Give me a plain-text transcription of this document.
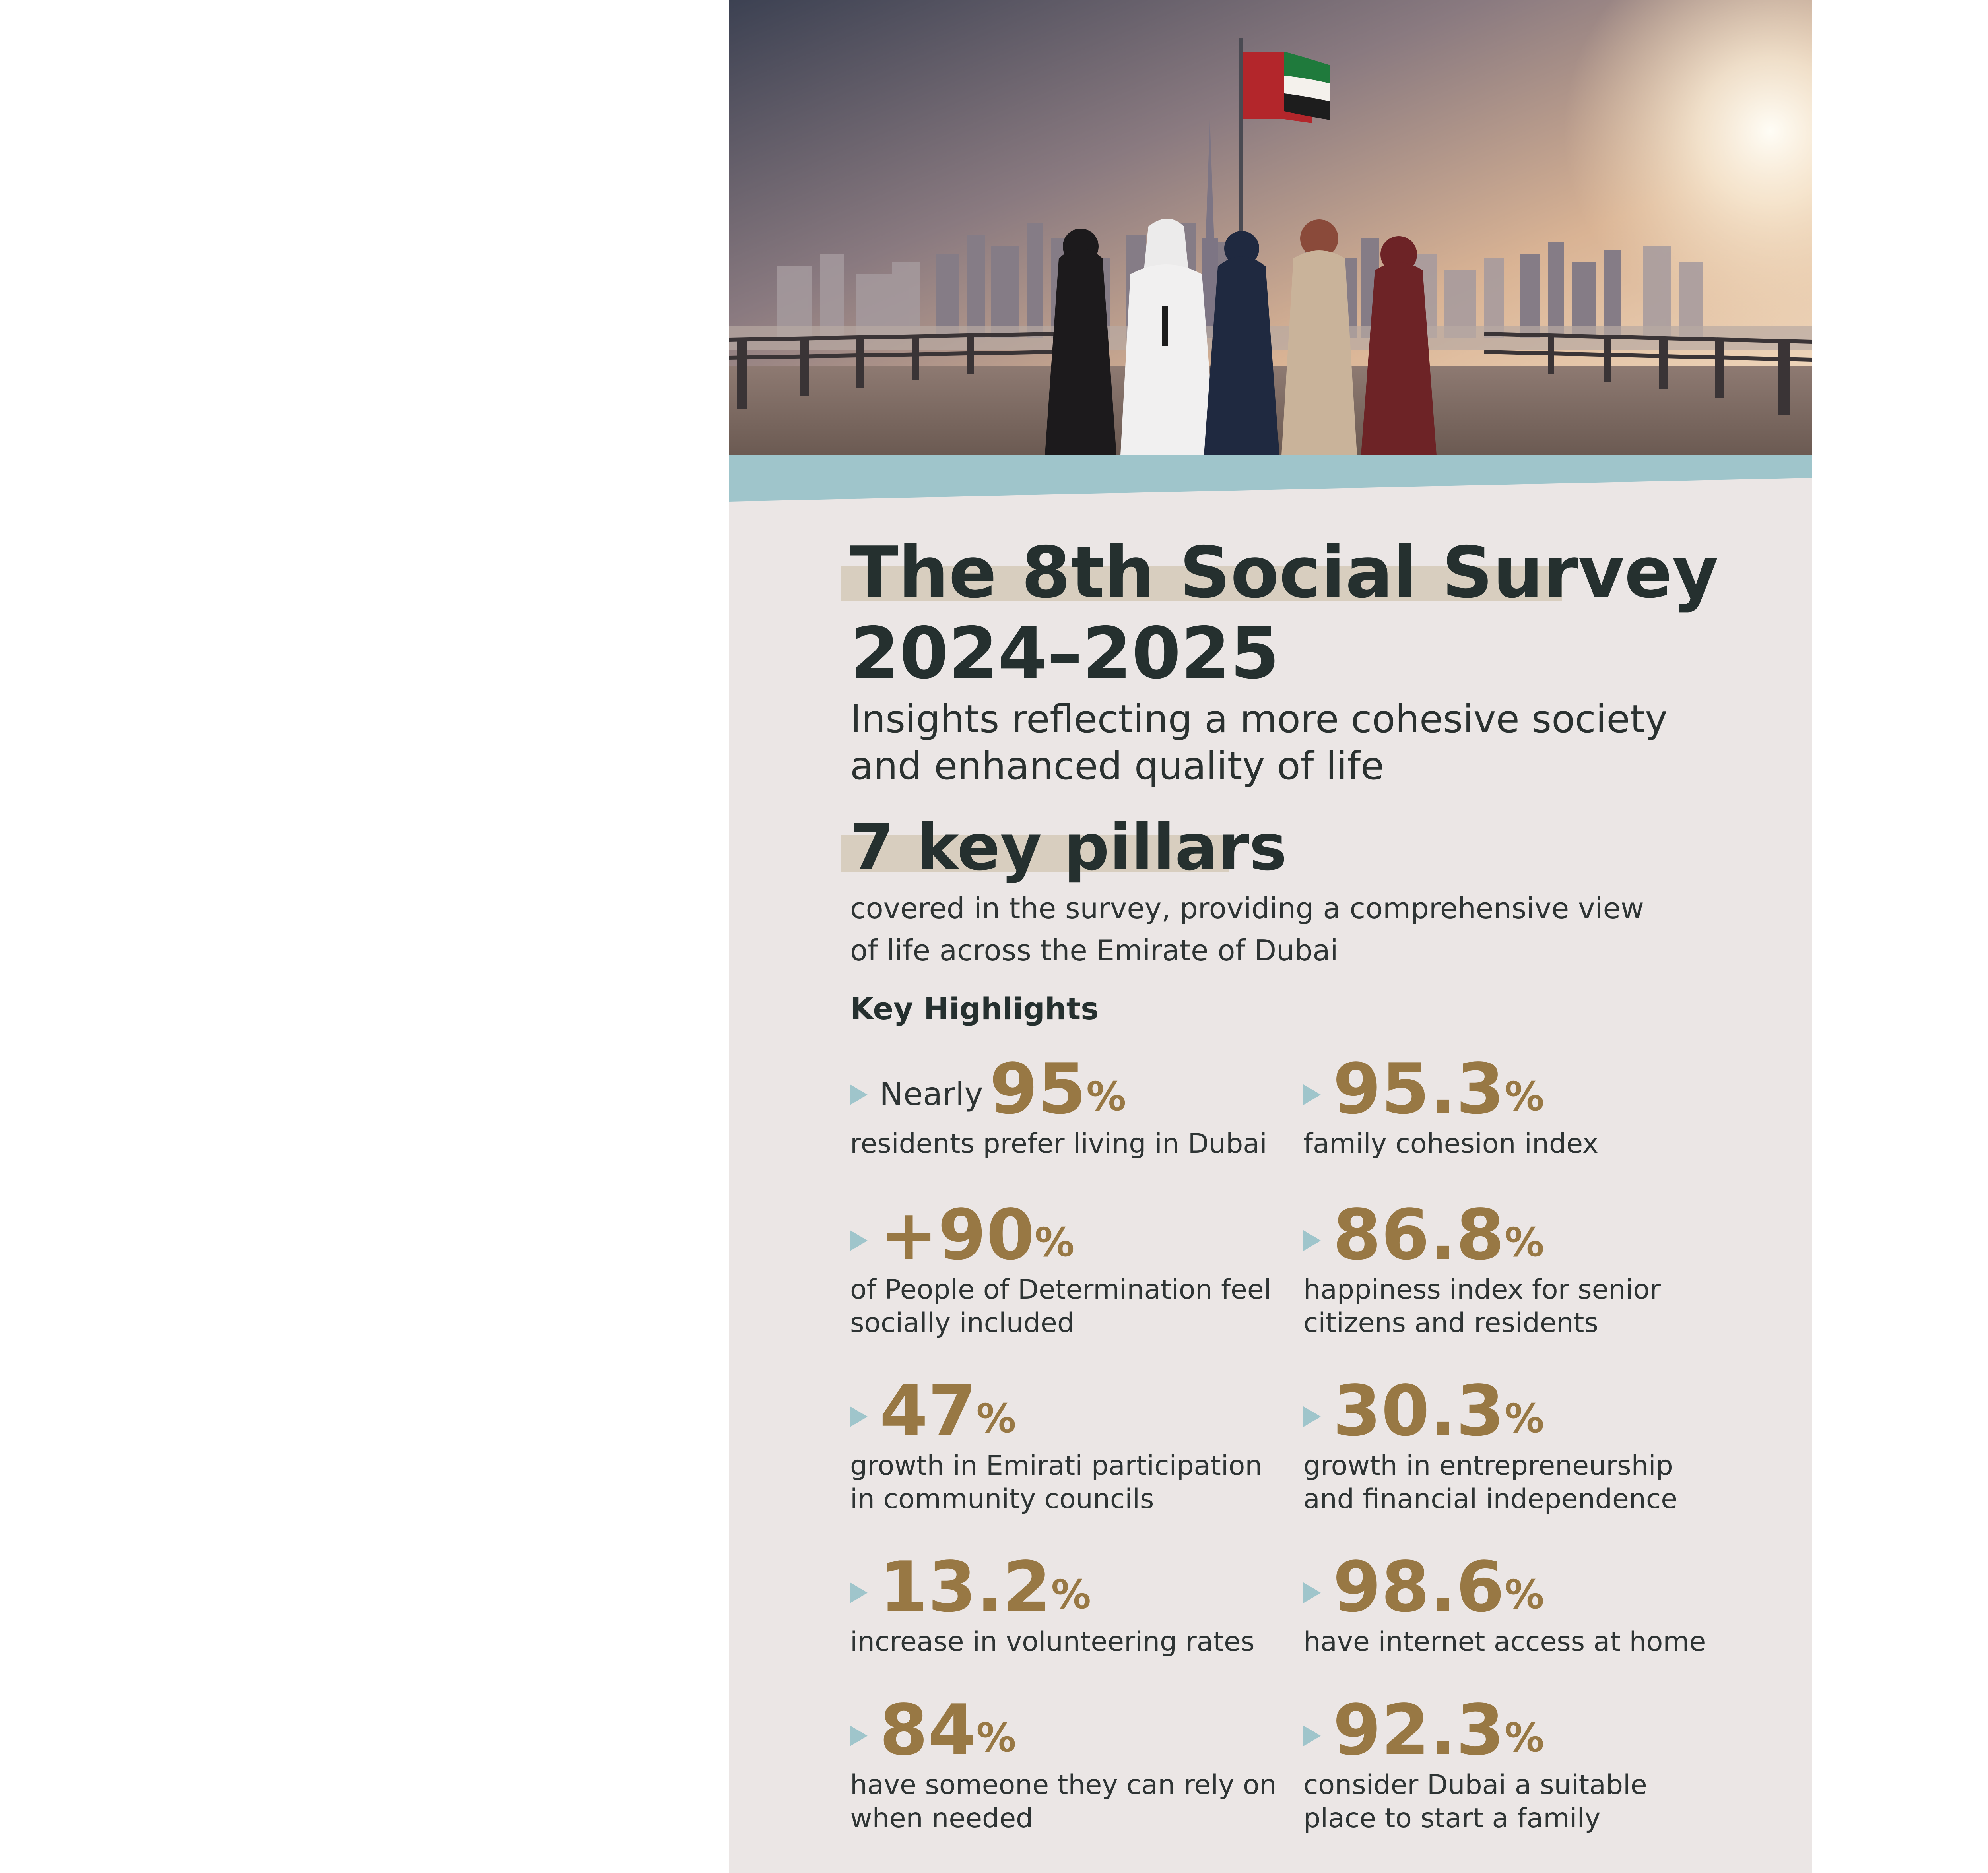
The 8th Social Survey
2024–2025

Insights reflecting a more cohesive society
and enhanced quality of life

7 key pillars

covered in the survey, providing a comprehensive view
of life across the Emirate of Dubai

Key Highlights
Nearly 95 %

residents prefer living in Dubai

95.3 %

family cohesion index

+90 %

of People of Determination feel
socially included

86.8 %

happiness index for senior
citizens and residents

47 %

growth in Emirati participation
in community councils

30.3 %

growth in entrepreneurship
and financial independence

13.2 %

increase in volunteering rates

98.6 %

have internet access at home

84 %

have someone they can rely on
when needed

92.3 %

consider Dubai a suitable
place to start a family
